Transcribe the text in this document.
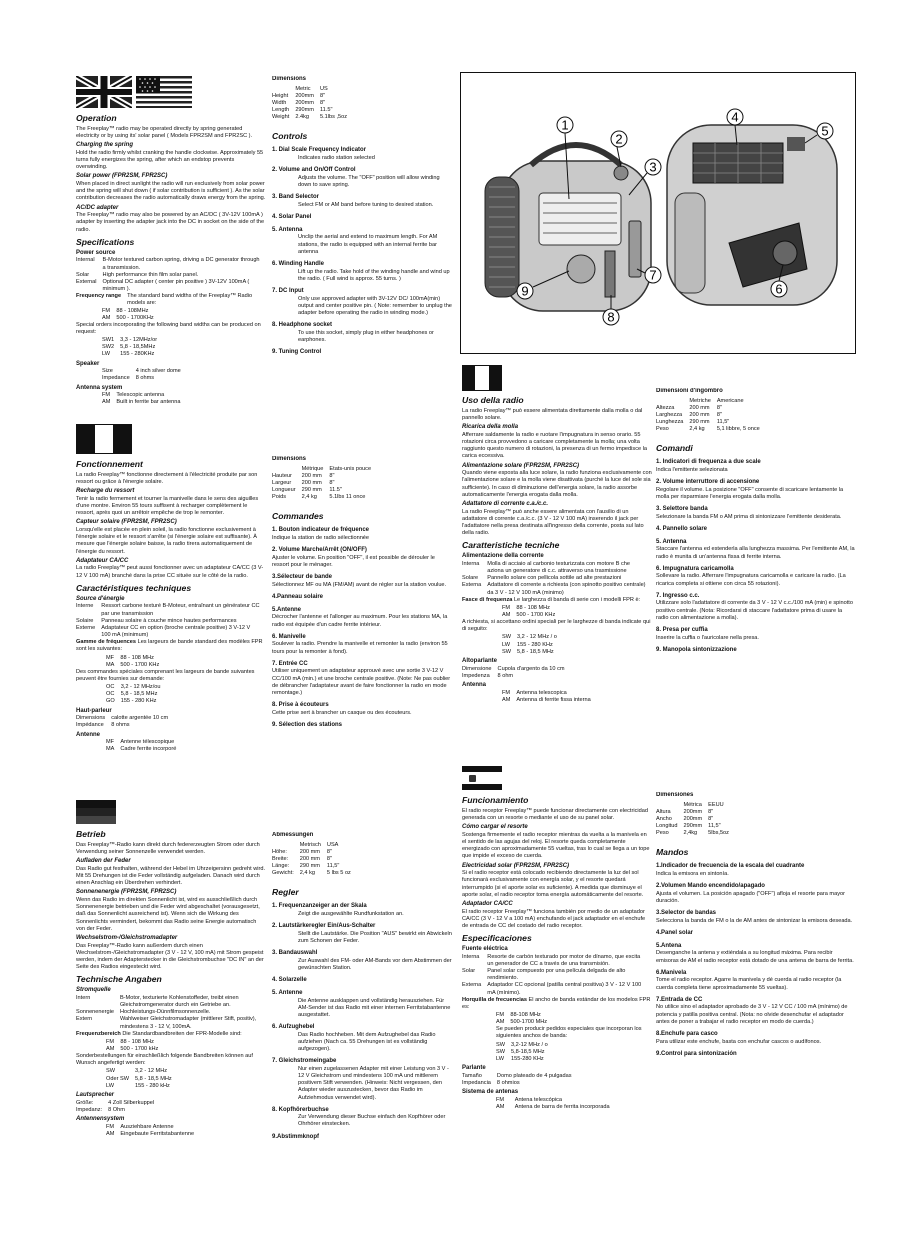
1
2
3
4
5
6
7
8
9
Operation
The Freeplay™ radio may be operated directly by spring generated electricity or by using its' solar panel ( Models FPR2SM and FPR2SC ).
Charging the spring
Hold the radio firmly whilst cranking the handle clockwise. Approximately 55 turns fully energizes the spring, after which an endstop prevents overwinding.
Solar power (FPR2SM, FPR2SC)
When placed in direct sunlight the radio will run exclusively from solar power and the spring will shut down ( if solar contribution is sufficient ). As the solar contribution decreases the radio automatically draws energy from the spring.
AC/DC adapter
The Freeplay™ radio may also be powered by an AC/DC ( 3V-12V 100mA ) adapter by inserting the adapter jack into the DC in socket on the side of the radio.
Specifications
Power source
Internal	B-Motor textured carbon spring, driving a DC generator through a transmission.
Solar	High performance thin film solar panel.
External	Optional DC adapter ( center pin positive ) 3V-12V 100mA ( minimum ).
Frequency range	The standard band widths of the Freeplay™ Radio models are:
FM	88 - 108MHz
AM	500 - 1700KHz
Special orders incorporating the following band widths can be produced on request:
SW1	3,3 - 12MHz/or
SW2	5,8 - 18,5MHz
LW	155 - 280KHz
Speaker
Size	4 inch silver dome
Impedance	8 ohms
Antenna system
FM	Telescopic antenna
AM	Built in ferrite bar antenna
Dimensions
	Metric	US
Height	200mm	8"
Width	200mm	8"
Length	290mm	11.5"
Weight	2.4kg	5.1lbs ,5oz
Controls
1. Dial Scale Frequency Indicator
Indicates radio station selected
2. Volume and On/Off Control
Adjusts the volume. The "OFF" position will allow winding down to save spring.
3. Band Selector
Select FM or AM band before tuning to desired station.
4. Solar Panel
5. Antenna
Unclip the aerial and extend to maximum length. For AM stations, the radio is equipped with an internal ferrite bar antenna
6. Winding Handle
Lift up the radio. Take hold of the winding handle and wind up the radio. ( Full wind is approx. 55 turns. )
7. DC Input
Only use approved adapter with 3V-12V DC/ 100mA(min) output and center positive pin. ( Note: remember to unplug the adapter before operating the radio in winding mode.)
8. Headphone socket
To use this socket, simply plug in either headphones or earphones.
9. Tuning Control
Fonctionnement
La radio Freeplay™ fonctionne directement à l'électricité produite par son ressort ou grâce à l'énergie solaire.
Recharge du ressort
Tenir la radio fermement et tourner la manivelle dans le sens des aiguilles d'une montre. Environ 55 tours suffisent à recharger complètement le ressort, après quoi un arrêtoir empêche de trop le remonter.
Capteur solaire (FPR2SM, FPR2SC)
Lorsqu'elle est placée en plein soleil, la radio fonctionne exclusivement à l'énergie solaire et le ressort s'arrête (si l'énergie solaire est suffisante). À mesure que l'énergie solaire baisse, la radio tirera automatiquement de l'énergie du ressort.
Adaptateur CA/CC
La radio Freeplay™ peut aussi fonctionner avec un adaptateur CA/CC (3 V-12 V 100 mA) branché dans la prise CC située sur le côté de la radio.
Caractéristiques techniques
Source d'énergie
Interne	Ressort carbone texturé B-Moteur, entraînant un générateur CC par une transmission
Solaire	Panneau solaire à couche mince hautes performances
Externe	Adaptateur CC en option (broche centrale positive) 3 V-12 V 100 mA (minimum)
Gamme de fréquences Les largeurs de bande standard des modèles FPR sont les suivantes:
MF	88 - 108 MHz
MA	500 - 1700 KHz
Des commandes spéciales comprenant les largeurs de bande suivantes peuvent être fournies sur demande:
OC	3,2 - 12 MHz/ou
OC	5,8 - 18,5 MHz
GO	155 - 280 KHz
Haut-parleur
Dimensions	calotte argentée 10 cm
Impédance	8 ohms
Antenne
MF	Antenne télescopique
MA	Cadre ferrite incorporé
Dimensions
	Métrique	Etats-unis pouce
Hauteur	200 mm	8"
Largeur	200 mm	8"
Longueur	290 mm	11.5"
Poids	2,4 kg	5.1lbs 11 once
Commandes
1. Bouton indicateur de fréquence
Indique la station de radio sélectionnée
2. Volume Marche/Arrêt (ON/OFF)
Ajuster le volume. En position "OFF", il est possible de dérouler le ressort pour le ménager.
3.Sélecteur de bande
Sélectionnez MF ou MA (FM/AM) avant de régler sur la station voulue.
4.Panneau solaire
5.Antenne
Décrocher l'antenne et l'allonger au maximum. Pour les stations MA, la radio est équipée d'un cadre ferrite intérieur.
6. Manivelle
Soulever la radio. Prendre la manivelle et remonter la radio (environ 55 tours pour la remonter à fond).
7. Entrée CC
Utiliser uniquement un adaptateur approuvé avec une sortie 3 V-12 V CC/100 mA (min.) et une broche centrale positive. (Note: Ne pas oublier de débrancher l'adaptateur avant de faire fonctionner la radio en mode remontage.)
8. Prise à écouteurs
Cette prise sert à brancher un casque ou des écouteurs.
9. Sélection des stations
Uso della radio
La radio Freeplay™ può essere alimentata direttamente dalla molla o dal pannello solare.
Ricarica della molla
Afferrare saldamente la radio e ruotare l'impugnatura in senso orario. 55 rotazioni circa provvedono a caricare completamente la molla; una volta raggiunto questo numero di rotazioni, la presenza di un fermo impedisce la carica eccessiva.
Alimentazione solare (FPR2SM, FPR2SC)
Quando viene esposta alla luce solare, la radio funziona esclusivamente con l'alimentazione solare e la molla viene disattivata (purché la luce del sole sia sufficiente). In caso di diminuzione dell'energia solare, la radio assorbe automaticamente l'energia erogata dalla molla.
Adattatore di corrente c.a./c.c.
La radio Freeplay™ può anche essere alimentata con l'ausilio di un adattatore di corrente c.a./c.c. (3 V - 12 V 100 mA) inserendo il jack per l'adattatore nella presa destinata all'ingresso della corrente, posta sul lato della radio.
Caratteristiche tecniche
Alimentazione della corrente
Interna	Molla di acciaio al carbonio testurizzata con motore B che aziona un generatore di c.c. attraverso una trasmissione
Solare	Pannello solare con pellicola sottile ad alte prestazioni
Esterna	Adattatore di corrente a richiesta (con spinotto positivo centrale) da 3 V - 12 V 100 mA (minimo)
Fasce di frequenza Le larghezza di banda di serie con i modelli FPR è:
FM	88 - 108 MHz
AM	500 - 1700 KHz
A richiesta, si accettano ordini speciali per le larghezze di banda indicate qui di seguito:
SW	3,2 - 12 MHz / o
LW	155 - 280 KHz
SW	5,8 - 18,5 MHz
Altoparlante
Dimensione	Cupola d'argento da 10 cm
Impedenza	8 ohm
Antenna
FM	Antenna telescopica
AM	Antenna di ferrite fissa interna
Dimensioni d'ingombro
	Metriche	Americane
Altezza	200 mm	8"
Larghezza	200 mm	8"
Lunghezza	290 mm	11,5"
Peso	2,4 kg	5,1 libbre, 5 once
Comandi
1. Indicatori di frequenza a due scale
Indica l'emittente selezionata
2. Volume interruttore di accensione
Regolare il volume. La posizione "OFF" consente di scaricare lentamente la molla per risparmiare l'energia erogata dalla molla.
3. Selettore banda
Selezionare la banda FM o AM prima di sintonizzare l'emittente desiderata.
4. Pannello solare
5. Antenna
Staccare l'antenna ed estenderla alla lunghezza massima. Per l'emittente AM, la radio è munita di un'antenna fissa di ferrite interna.
6. Impugnatura caricamolla
Sollevare la radio. Afferrare l'impugnatura caricamolla e caricare la radio. (La ricarica completa si ottiene con circa 55 rotazioni).
7. Ingresso c.c.
Utilizzare solo l'adattatore di corrente da 3 V - 12 V c.c./100 mA (min) e spinotto positivo centrale. (Nota: Ricordarsi di staccare l'adattatore prima di usare la radio con alimentazione a molla).
8. Presa per cuffia
Inserire la cuffia o l'auricolare nella presa.
9. Manopola sintonizzazione
Betrieb
Das Freeplay™-Radio kann direkt durch federerzeugten Strom oder durch Verwendung seiner Sonnenzelle verwendet werden.
Aufladen der Feder
Das Radio gut festhalten, während der Hebel im Uhrzeigersinn gedreht wird. Mit 55 Drehungen ist die Feder vollständig aufgeladen. Danach wird durch einen Anschlag ein Überdrehen verhindert.
Sonnenenergie (FPR2SM, FPR2SC)
Wenn das Radio im direkten Sonnenlicht ist, wird es ausschließlich durch Sonnenenergie betrieben und die Feder wird abgeschaltet (vorausgesetzt, daß das Sonnenlicht ausreichend ist). Wenn sich die Wirkung des Sonnenlichts vermindert, bekommt das Radio seine Energie automatisch von der Feder.
Wechselstrom-/Gleichstromadapter
Das Freeplay™-Radio kann außerdem durch einen Wechselstrom-/Gleichstromadapter (3 V - 12 V, 100 mA) mit Strom gespeist werden, indem der Adapterstecker in die Gleichstrombuchse "DC IN" an der Seite des Radios eingesteckt wird.
Technische Angaben
Stromquelle
Intern	B-Motor, texturierte Kohlenstoffeder, treibt einen Gleichstromgenerator durch ein Getriebe an.
Sonnenenergie	Hochleistungs-Dünnfilmsonnenzelle.
Extern	Wahlweiser Gleichstromadapter (mittlerer Stift, positiv), mindestens 3 - 12 V, 100mA.
Frequenzbereich Die Standardbandbreiten der FPR-Modelle sind:
FM	88 - 108 MHz
AM	500 - 1700 kHz
Sonderbestellungen für einschließlich folgende Bandbreiten können auf Wunsch angefertigt werden:
SW	3,2 - 12 MHz
Oder SW	5,8 - 18,5 MHz
LW	155 - 280 kHz
Lautsprecher
Größe:	4 Zoll Silberkuppel
Impedanz:	8 Ohm
Antennensystem
FM	Ausziehbare Antenne
AM	Eingebaute Ferritstabantenne
Abmessungen
	Metrisch	USA
Höhe:	200 mm	8"
Breite:	200 mm	8"
Länge:	290 mm	11,5"
Gewicht:	2,4 kg	5 lbs 5 oz
Regler
1. Frequenzanzeiger an der Skala
Zeigt die ausgewählte Rundfunkstation an.
2. Lautstärkeregler Ein/Aus-Schalter
Stellt die Lautstärke. Die Position "AUS" bewirkt ein Abwickeln zum Schonen der Feder.
3. Bandauswahl
Zur Auswahl des FM- oder AM-Bands vor dem Abstimmen der gewünschten Station.
4. Solarzelle
5. Antenne
Die Antenne ausklappen und vollständig herausziehen. Für AM-Sender ist das Radio mit einer internen Ferritstabantenne ausgestattet.
6. Aufzughebel
Das Radio hochheben. Mit dem Aufzughebel das Radio aufziehen (Nach ca. 55 Drehungen ist es vollständig aufgezogen).
7. Gleichstromeingabe
Nur einen zugelassenen Adapter mit einer Leistung von 3 V - 12 V Gleichstrom und mindestens 100 mA und mittlerem positivem Stift verwenden. (Hinweis: Nicht vergessen, den Adapter wieder auszustecken, bevor das Radio im Aufziehmodus verwendet wird).
8. Kopfhörerbuchse
Zur Verwendung dieser Buchse einfach den Kopfhörer oder Ohrhörer einstecken.
9.Abstimmknopf
Funcionamiento
El radio receptor Freeplay™ puede funcionar directamente con electricidad generada con un resorte o mediante el uso de su panel solar.
Cómo cargar el resorte
Sostenga firmemente el radio receptor mientras da vuelta a la manivela en el sentido de las agujas del reloj. El resorte queda completamente energizado con aproximadamente 55 vueltas, tras lo cual se llega a un tope que impide el exceso de cuerda.
Electricidad solar (FPR2SM, FPR2SC)
Si el radio receptor está colocado recibiendo directamente la luz del sol funcionará exclusivamente con energía solar, y el resorte quedará interrumpido (si el aporte solar es suficiente). A medida que disminuye el aporte solar, el radio receptor toma energía automáticamente del resorte.
Adaptador CA/CC
El radio receptor Freeplay™ funciona también por medio de un adaptador CA/CC (3 V - 12 V a 100 mA) enchufando el jack adaptador en el enchufe de entrada de CC del costado del radio receptor.
Especificaciones
Fuente eléctrica
Interna	Resorte de carbón texturado por motor de dínamo, que excita un generador de CC a través de una transmisión.
Solar	Panel solar compuesto por una película delgada de alto rendimiento.
Externa	Adaptador CC opcional (patilla central positiva) 3 V - 12 V 100 mA (mínimo).
Horquilla de frecuencias El ancho de banda estándar de los modelos FPR es:
FM	88-108 MHz
AM	500-1700 MHz
Se pueden producir pedidos especiales que incorporan los siguientes anchos de banda:
SW	3,2-12 MHz / o
SW	5,8-18,5 MHz
LW	155-280 KHz
Parlante
Tamaño	Domo plateado de 4 pulgadas
Impedancia	8 ohmios
Sistema de antenas
FM	Antena telescópica
AM	Antena de barra de ferrita incorporada
Dimensiones
	Métrica	EEUU
Altura	200mm	8"
Ancho	200mm	8"
Longitud	290mm	11,5"
Peso	2,4kg	5lbs,5oz
Mandos
1.Indicador de frecuencia de la escala del cuadrante
Indica la emisora en sintonía.
2.Volumen Mando encendido/apagado
Ajusta el volumen. La posición apagado ("OFF") afloja el resorte para mayor duración.
3.Selector de bandas
Selecciona la banda de FM o la de AM antes de sintonizar la emisora deseada.
4.Panel solar
5.Antena
Desenganche la antena y extiéndala a su longitud máxima. Para recibir emisoras de AM el radio receptor está dotado de una antena de barra de ferrita.
6.Manivela
Tome el radio receptor. Agarre la manivela y dé cuerda al radio receptor (la cuerda completa tiene aproximadamente 55 vueltas).
7.Entrada de CC
No utilice sino el adaptador aprobado de 3 V - 12 V CC / 100 mA (mínimo) de potencia y patilla positiva central. (Nota: no olvide desenchufar el adaptador antes de poner a trabajar el radio receptor en modo de cuerda.)
8.Enchufe para casco
Para utilizar este enchufe, basta con enchufar cascos o audífonos.
9.Control para sintonización
